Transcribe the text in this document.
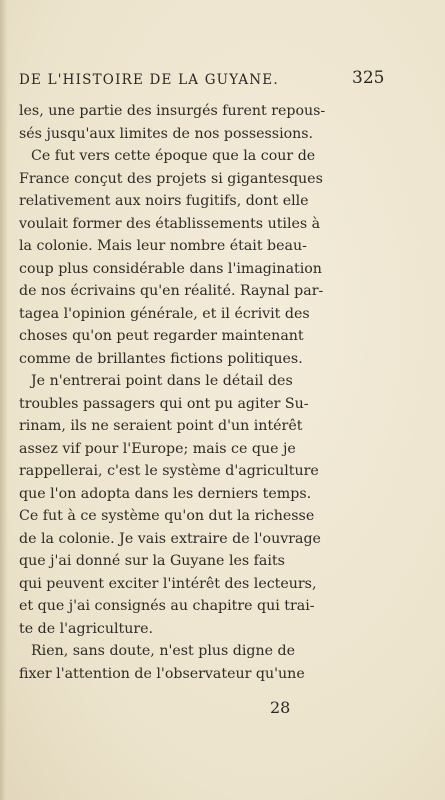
DE L'HISTOIRE DE LA GUYANE.	325
les, une partie des insurgés furent repous-
sés jusqu'aux limites de nos possessions.
Ce fut vers cette époque que la cour de
France conçut des projets si gigantesques
relativement aux noirs fugitifs, dont elle
voulait former des établissements utiles à
la colonie. Mais leur nombre était beau-
coup plus considérable dans l'imagination
de nos écrivains qu'en réalité. Raynal par-
tagea l'opinion générale, et il écrivit des
choses qu'on peut regarder maintenant
comme de brillantes fictions politiques.
Je n'entrerai point dans le détail des
troubles passagers qui ont pu agiter Su-
rinam, ils ne seraient point d'un intérêt
assez vif pour l'Europe; mais ce que je
rappellerai, c'est le système d'agriculture
que l'on adopta dans les derniers temps.
Ce fut à ce système qu'on dut la richesse
de la colonie. Je vais extraire de l'ouvrage
que j'ai donné sur la Guyane les faits
qui peuvent exciter l'intérêt des lecteurs,
et que j'ai consignés au chapitre qui trai-
te de l'agriculture.
Rien, sans doute, n'est plus digne de
fixer l'attention de l'observateur qu'une
28
